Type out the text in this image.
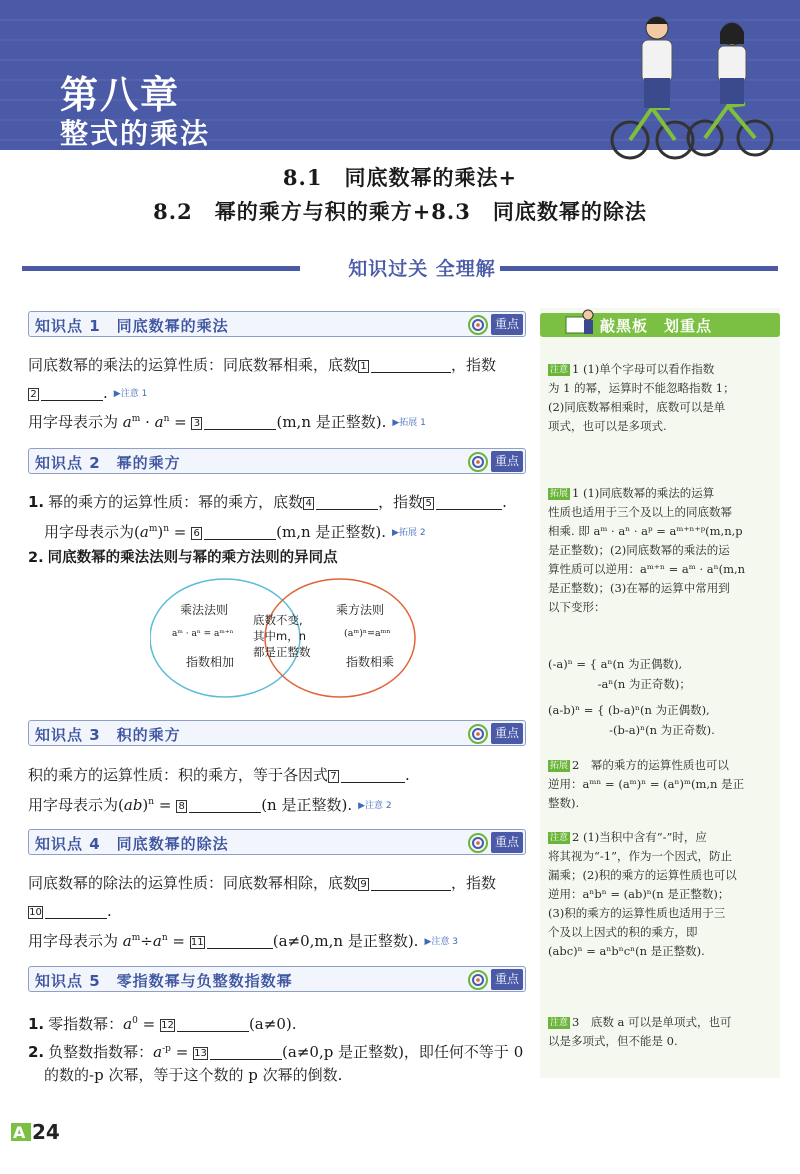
第八章
整式的乘法
8.1　同底数幂的乘法+
8.2　幂的乘方与积的乘方+8.3　同底数幂的除法
知识过关 全理解
知识点 1　同底数幂的乘法	重点
同底数幂的乘法的运算性质：同底数幂相乘，底数 1	，指数
2	. ▶注意 1
用字母表示为 $a^m \cdot a^n = 3$	(m,n 是正整数). ▶拓展 1
知识点 2　幂的乘方	重点
1. 幂的乘方的运算性质：幂的乘方，底数 4	，指数 5	.
用字母表示为$(a^m)^n = 6$	(m,n 是正整数). ▶拓展 2
2. 同底数幂的乘法法则与幂的乘方法则的异同点
乘法法则
aᵐ · aⁿ = aᵐ⁺ⁿ
指数相加
底数不变,
其中m，n
都是正整数
乘方法则
(aᵐ)ⁿ=aᵐⁿ
指数相乘
知识点 3　积的乘方	重点
积的乘方的运算性质：积的乘方，等于各因式 7	.
用字母表示为(ab)$^n$ = 8	(n 是正整数). ▶注意 2
知识点 4　同底数幂的除法	重点
同底数幂的除法的运算性质：同底数幂相除，底数 9	，指数
10	.
用字母表示为 $a^m\div a^n = 11$	(a≠0,m,n 是正整数). ▶注意 3
知识点 5　零指数幂与负整数指数幂	重点
1. 零指数幂：$a^0 = 12$	(a≠0).
2. 负整数指数幂：$a^{-p} = 13$	(a≠0,p 是正整数)，即任何不等于 0
的数的-p 次幂，等于这个数的 p 次幂的倒数.
敲黑板　划重点
注意 1 (1)单个字母可以看作指数
为 1 的幂，运算时不能忽略指数 1；
(2)同底数幂相乘时，底数可以是单
项式，也可以是多项式.
拓展 1 (1)同底数幂的乘法的运算
性质也适用于三个及以上的同底数幂
相乘. 即 aᵐ · aⁿ · aᵖ = aᵐ⁺ⁿ⁺ᵖ(m,n,p
是正整数)；(2)同底数幂的乘法的运
算性质可以逆用：aᵐ⁺ⁿ = aᵐ · aⁿ(m,n
是正整数)；(3)在幂的运算中常用到
以下变形：
(-a)ⁿ = { aⁿ(n 为正偶数),
　　　　 -aⁿ(n 为正奇数)；
(a-b)ⁿ = { (b-a)ⁿ(n 为正偶数),
　　　　　 -(b-a)ⁿ(n 为正奇数).
拓展 2　幂的乘方的运算性质也可以
逆用：aᵐⁿ = (aᵐ)ⁿ = (aⁿ)ᵐ(m,n 是正
整数).
注意 2 (1)当积中含有“-”时，应
将其视为“-1”，作为一个因式，防止
漏乘；(2)积的乘方的运算性质也可以
逆用：aⁿbⁿ = (ab)ⁿ(n 是正整数)；
(3)积的乘方的运算性质也适用于三
个及以上因式的积的乘方，即
(abc)ⁿ = aⁿbⁿcⁿ(n 是正整数).
注意 3　底数 a 可以是单项式，也可
以是多项式，但不能是 0.
A 24
